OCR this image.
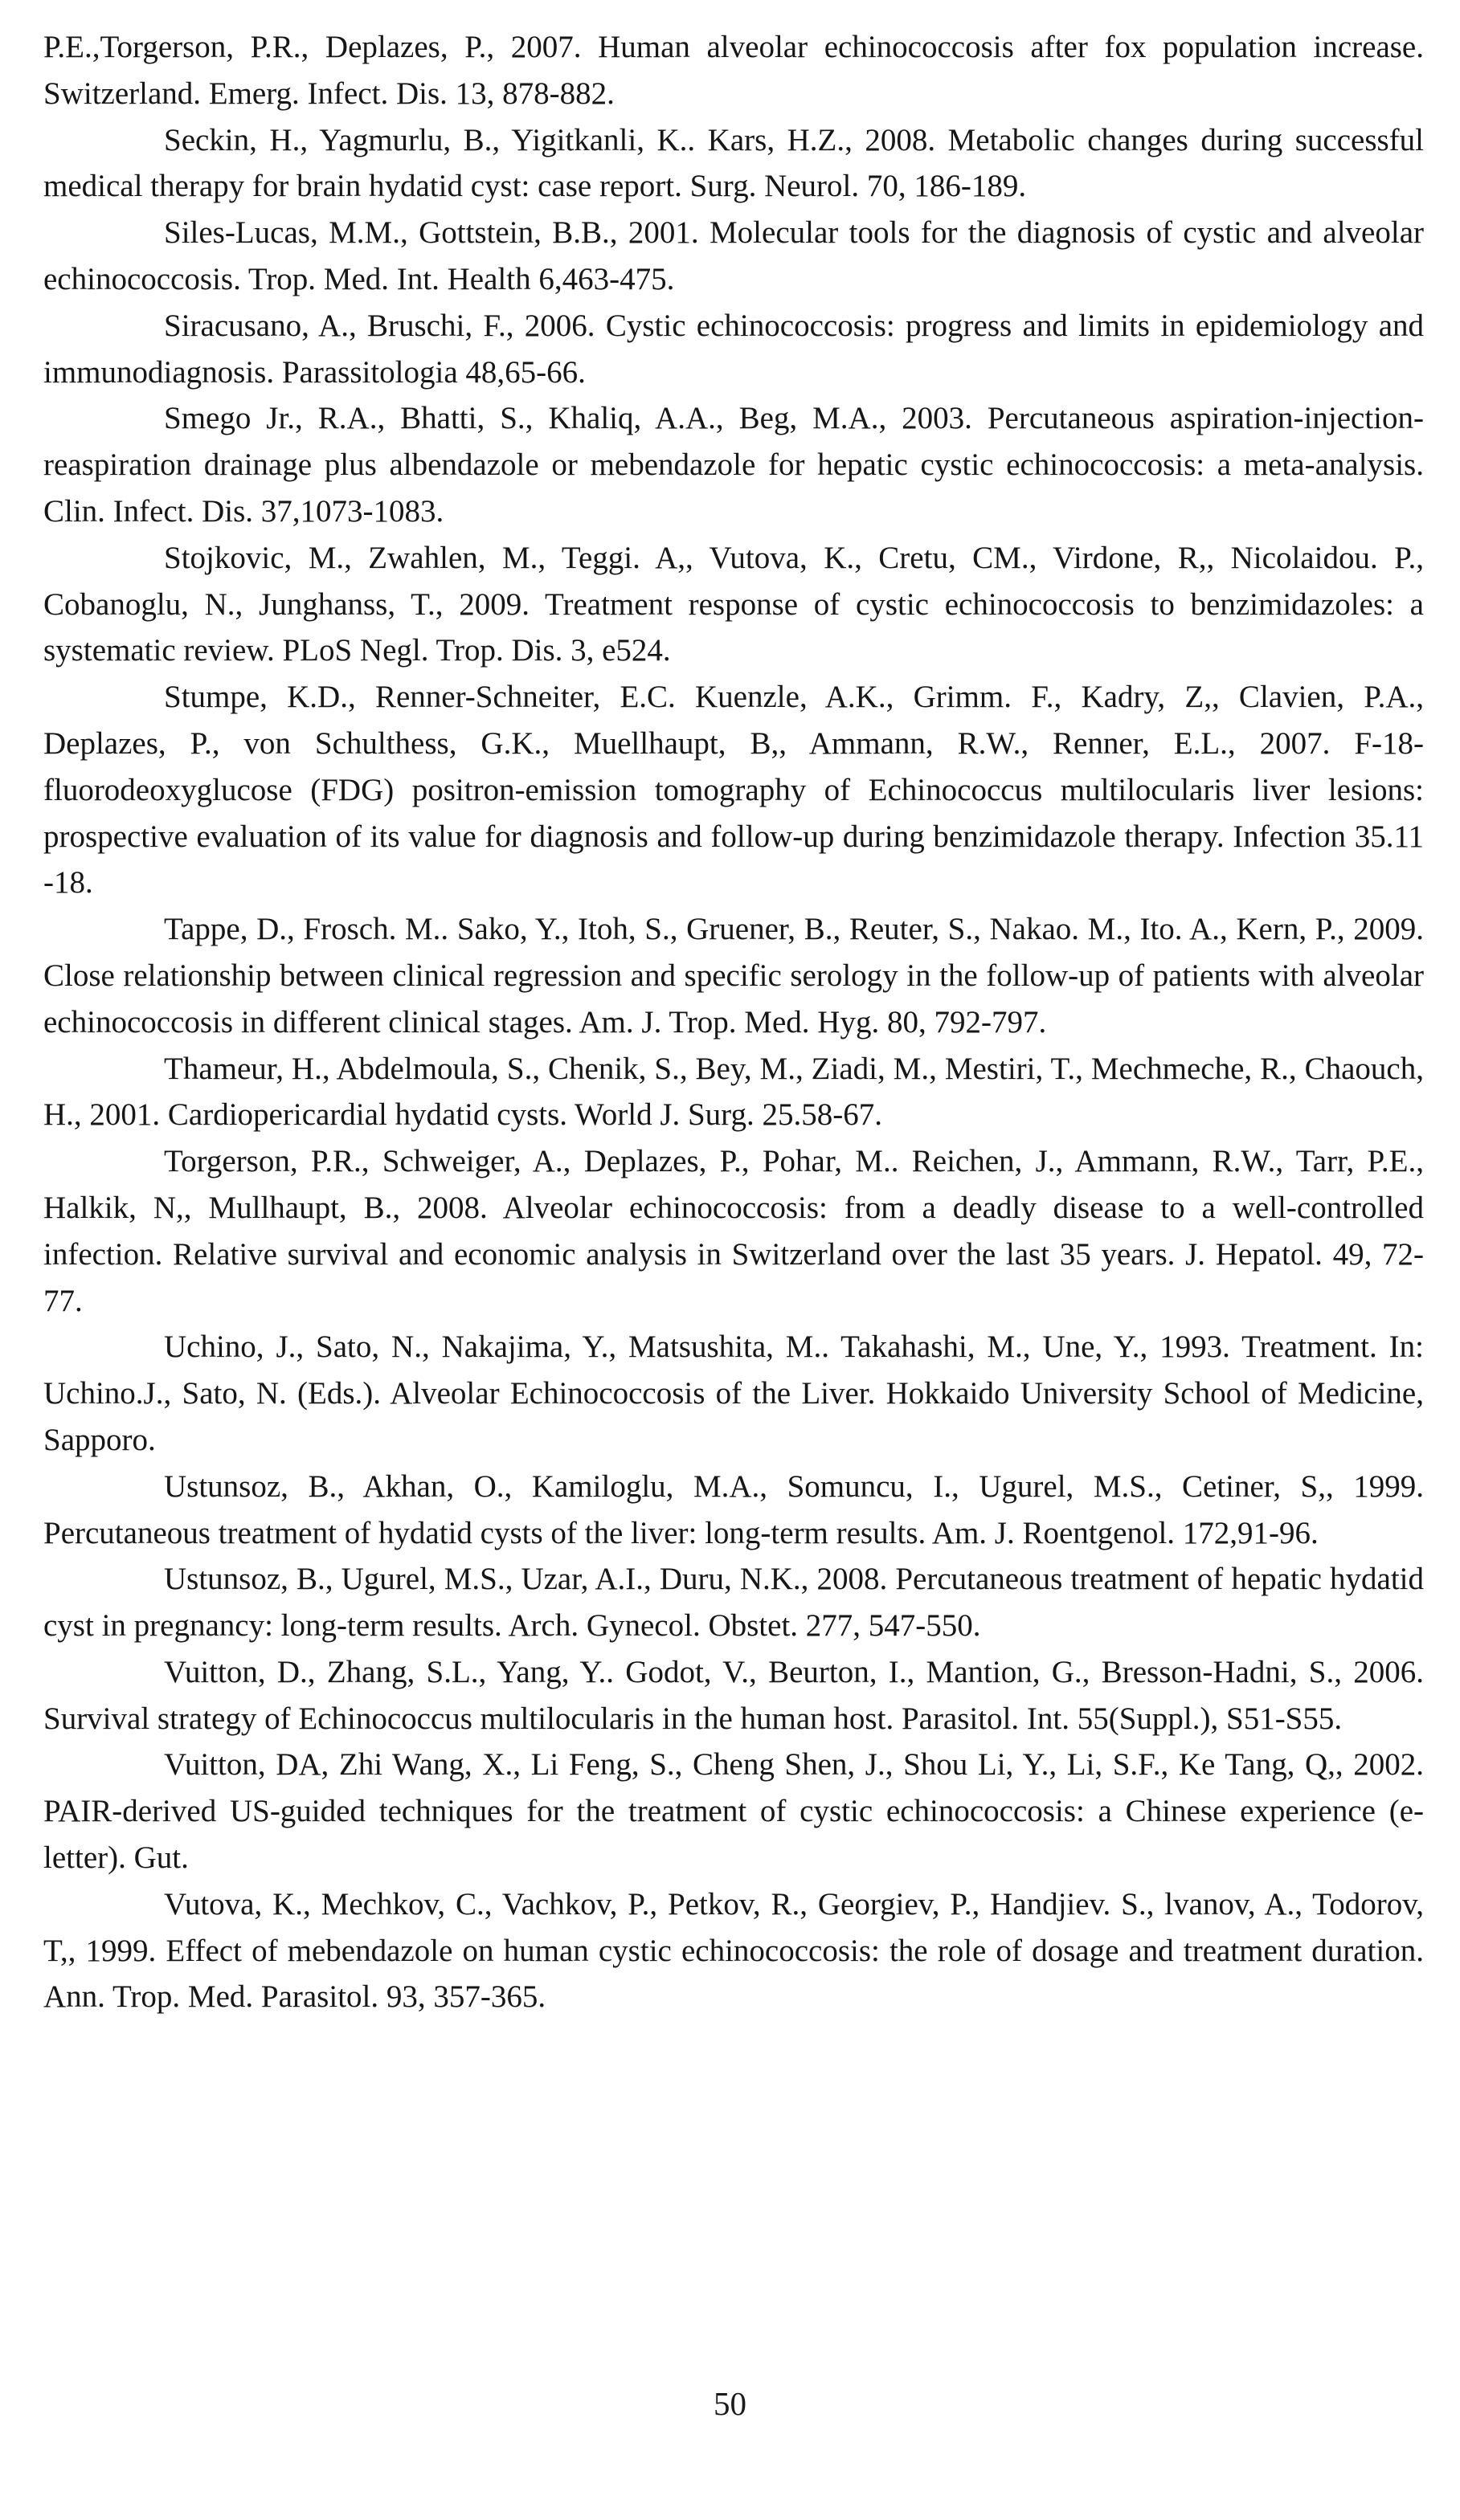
P.E.,Torgerson, P.R., Deplazes, P., 2007. Human alveolar echinococcosis after fox population increase. Switzerland. Emerg. Infect. Dis. 13, 878-882.

Seckin, H., Yagmurlu, B., Yigitkanli, K.. Kars, H.Z., 2008. Metabolic changes during successful medical therapy for brain hydatid cyst: case report. Surg. Neurol. 70, 186-189.

Siles-Lucas, M.M., Gottstein, B.B., 2001. Molecular tools for the diagnosis of cystic and alveolar echinococcosis. Trop. Med. Int. Health 6,463-475.

Siracusano, A., Bruschi, F., 2006. Cystic echinococcosis: progress and limits in epidemiology and immunodiagnosis. Parassitologia 48,65-66.

Smego Jr., R.A., Bhatti, S., Khaliq, A.A., Beg, M.A., 2003. Percutaneous aspiration-injection-reaspiration drainage plus albendazole or mebendazole for hepatic cystic echinococcosis: a meta-analysis. Clin. Infect. Dis. 37,1073-1083.

Stojkovic, M., Zwahlen, M., Teggi. A,, Vutova, K., Cretu, CM., Virdone, R,, Nicolaidou. P., Cobanoglu, N., Junghanss, T., 2009. Treatment response of cystic echinococcosis to benzimidazoles: a systematic review. PLoS Negl. Trop. Dis. 3, e524.

Stumpe, K.D., Renner-Schneiter, E.C. Kuenzle, A.K., Grimm. F., Kadry, Z,, Clavien, P.A., Deplazes, P., von Schulthess, G.K., Muellhaupt, B,, Ammann, R.W., Renner, E.L., 2007. F-18-fluorodeoxyglucose (FDG) positron-emission tomography of Echinococcus multilocularis liver lesions: prospective evaluation of its value for diagnosis and follow-up during benzimidazole therapy. Infection 35.11 -18.

Tappe, D., Frosch. M.. Sako, Y., Itoh, S., Gruener, B., Reuter, S., Nakao. M., Ito. A., Kern, P., 2009. Close relationship between clinical regression and specific serology in the follow-up of patients with alveolar echinococcosis in different clinical stages. Am. J. Trop. Med. Hyg. 80, 792-797.

Thameur, H., Abdelmoula, S., Chenik, S., Bey, M., Ziadi, M., Mestiri, T., Mechmeche, R., Chaouch, H., 2001. Cardiopericardial hydatid cysts. World J. Surg. 25.58-67.

Torgerson, P.R., Schweiger, A., Deplazes, P., Pohar, M.. Reichen, J., Ammann, R.W., Tarr, P.E., Halkik, N,, Mullhaupt, B., 2008. Alveolar echinococcosis: from a deadly disease to a well-controlled infection. Relative survival and economic analysis in Switzerland over the last 35 years. J. Hepatol. 49, 72-77.

Uchino, J., Sato, N., Nakajima, Y., Matsushita, M.. Takahashi, M., Une, Y., 1993. Treatment. In: Uchino.J., Sato, N. (Eds.). Alveolar Echinococcosis of the Liver. Hokkaido University School of Medicine, Sapporo.

Ustunsoz, B., Akhan, O., Kamiloglu, M.A., Somuncu, I., Ugurel, M.S., Cetiner, S,, 1999. Percutaneous treatment of hydatid cysts of the liver: long-term results. Am. J. Roentgenol. 172,91-96.

Ustunsoz, B., Ugurel, M.S., Uzar, A.I., Duru, N.K., 2008. Percutaneous treatment of hepatic hydatid cyst in pregnancy: long-term results. Arch. Gynecol. Obstet. 277, 547-550.

Vuitton, D., Zhang, S.L., Yang, Y.. Godot, V., Beurton, I., Mantion, G., Bresson-Hadni, S., 2006. Survival strategy of Echinococcus multilocularis in the human host. Parasitol. Int. 55(Suppl.), S51-S55.

Vuitton, DA, Zhi Wang, X., Li Feng, S., Cheng Shen, J., Shou Li, Y., Li, S.F., Ke Tang, Q,, 2002. PAIR-derived US-guided techniques for the treatment of cystic echinococcosis: a Chinese experience (e-letter). Gut.

Vutova, K., Mechkov, C., Vachkov, P., Petkov, R., Georgiev, P., Handjiev. S., lvanov, A., Todorov, T,, 1999. Effect of mebendazole on human cystic echinococcosis: the role of dosage and treatment duration. Ann. Trop. Med. Parasitol. 93, 357-365.

50
